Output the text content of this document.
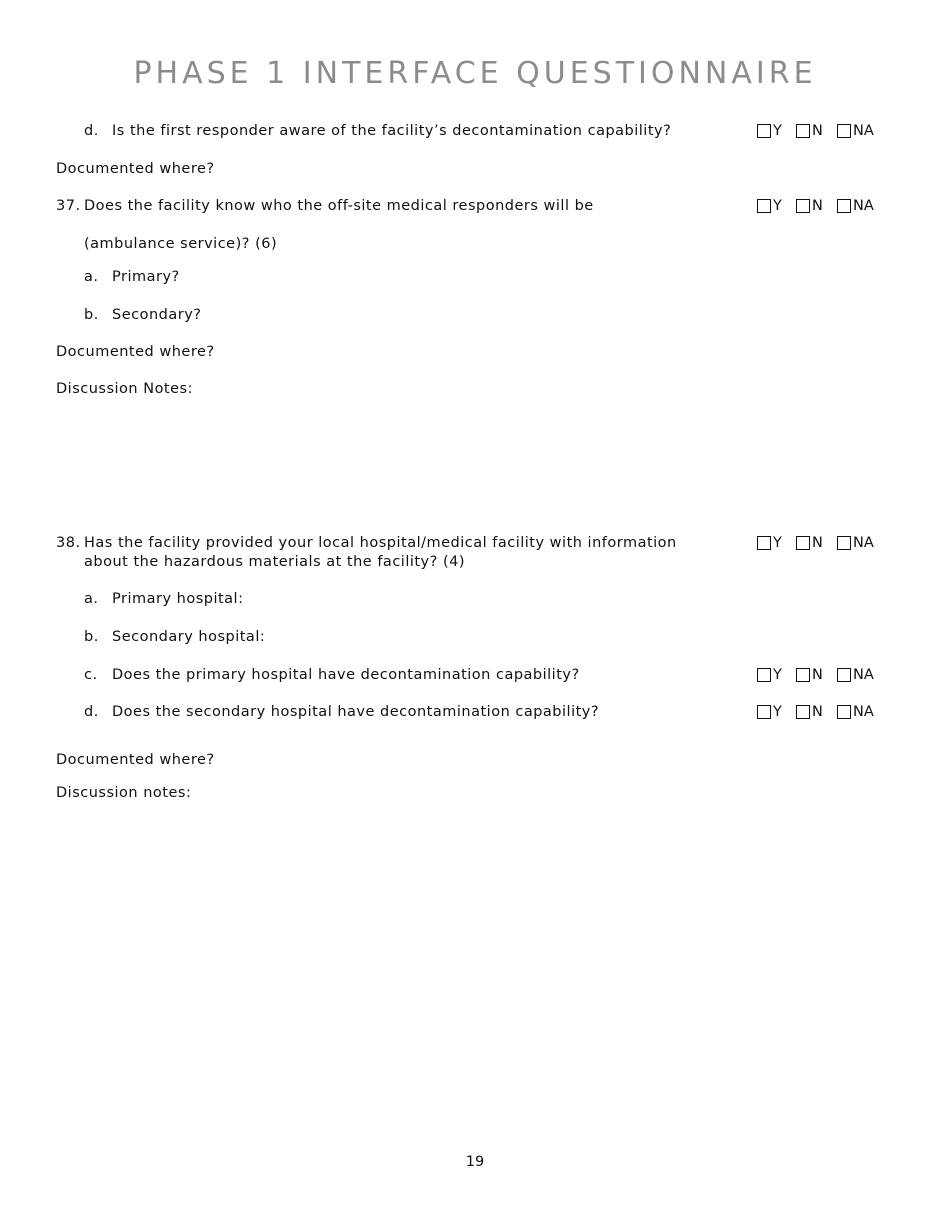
PHASE 1 INTERFACE QUESTIONNAIRE
d. Is the first responder aware of the facility’s decontamination capability?	Y N NA
Documented where?
37. Does the facility know who the off-site medical responders will be	Y N NA
(ambulance service)? (6)
a. Primary?
b. Secondary?
Documented where?
Discussion Notes:
38. Has the facility provided your local hospital/medical facility with information	Y N NA
about the hazardous materials at the facility? (4)
a. Primary hospital:
b. Secondary hospital:
c. Does the primary hospital have decontamination capability?	Y N NA
d. Does the secondary hospital have decontamination capability?	Y N NA
Documented where?
Discussion notes:
19
